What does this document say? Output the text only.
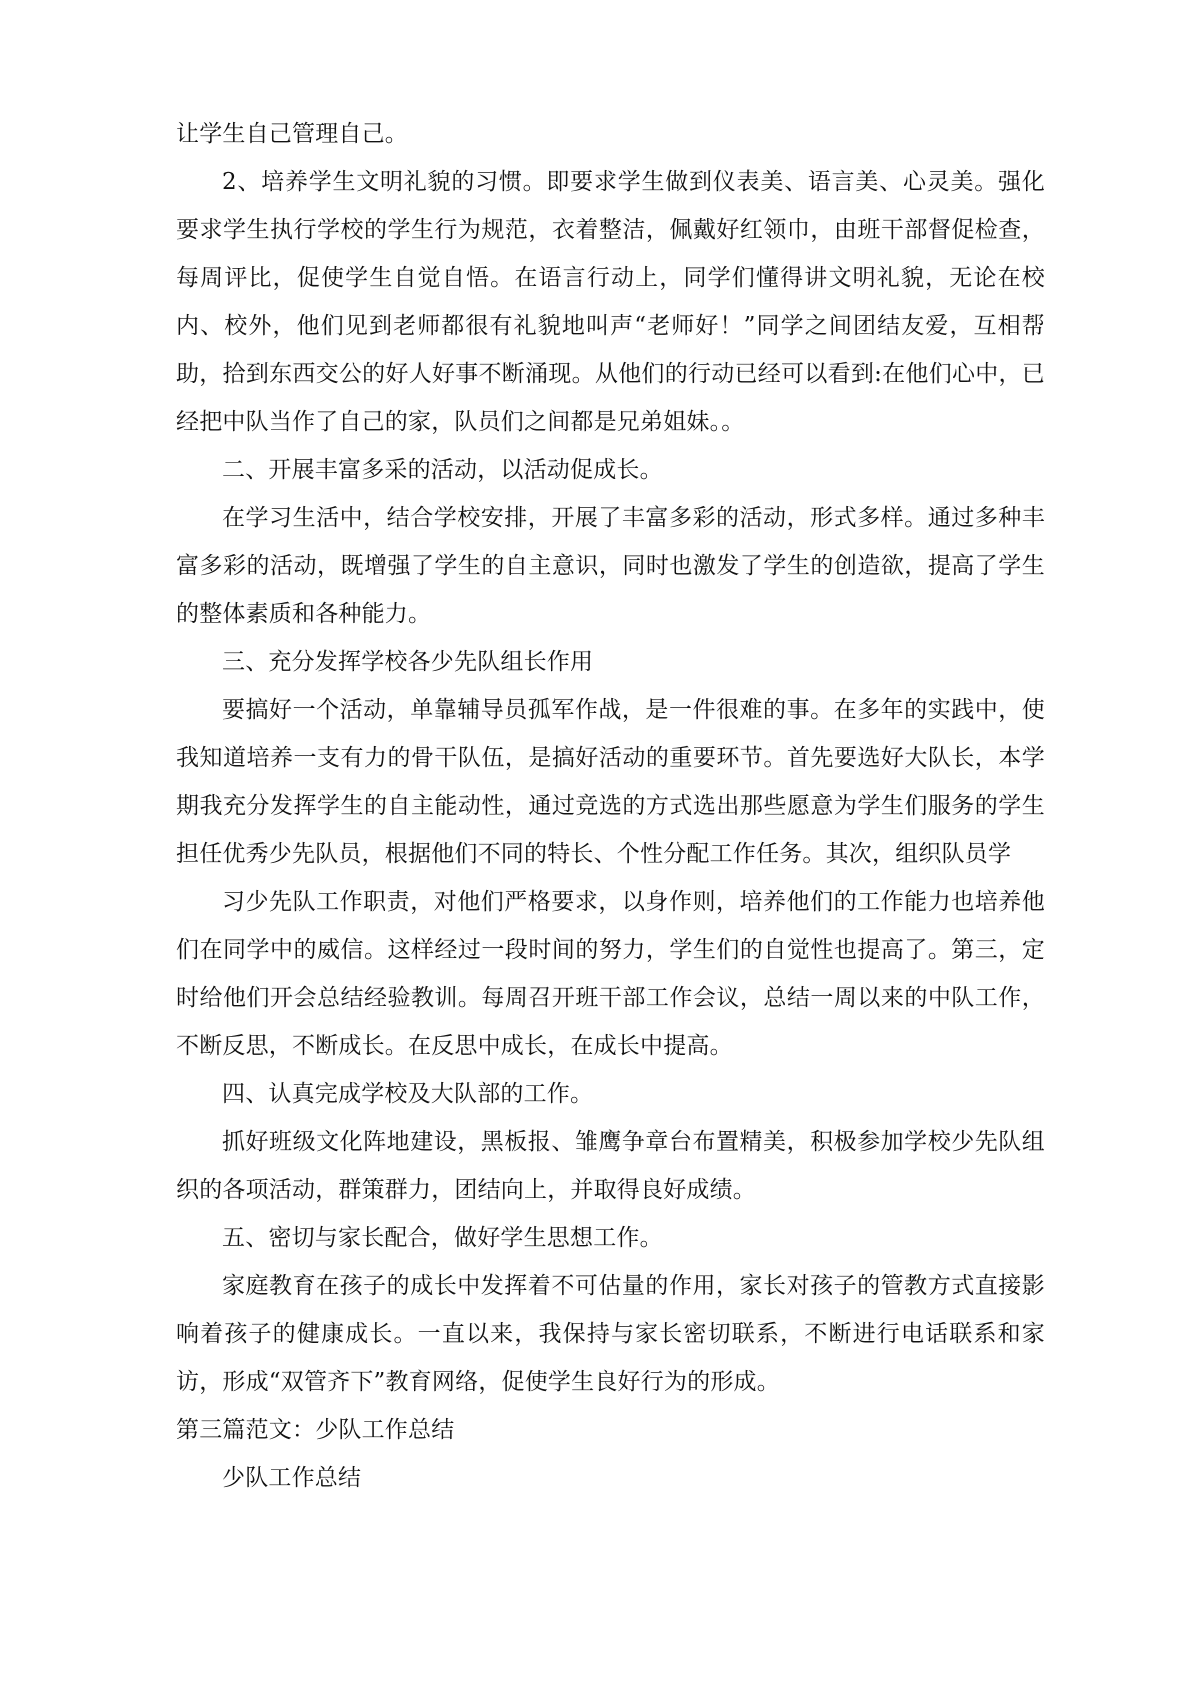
让学生自己管理自己。

2、培养学生文明礼貌的习惯。即要求学生做到仪表美、语言美、心灵美。强化要求学生执行学校的学生行为规范，衣着整洁，佩戴好红领巾，由班干部督促检查，每周评比，促使学生自觉自悟。在语言行动上，同学们懂得讲文明礼貌，无论在校内、校外，他们见到老师都很有礼貌地叫声“老师好！”同学之间团结友爱，互相帮助，拾到东西交公的好人好事不断涌现。从他们的行动已经可以看到:在他们心中，已经把中队当作了自己的家，队员们之间都是兄弟姐妹。。

二、开展丰富多采的活动，以活动促成长。

在学习生活中，结合学校安排，开展了丰富多彩的活动，形式多样。通过多种丰富多彩的活动，既增强了学生的自主意识，同时也激发了学生的创造欲，提高了学生的整体素质和各种能力。

三、充分发挥学校各少先队组长作用

要搞好一个活动，单靠辅导员孤军作战，是一件很难的事。在多年的实践中，使我知道培养一支有力的骨干队伍，是搞好活动的重要环节。首先要选好大队长，本学期我充分发挥学生的自主能动性，通过竞选的方式选出那些愿意为学生们服务的学生担任优秀少先队员，根据他们不同的特长、个性分配工作任务。其次，组织队员学

习少先队工作职责，对他们严格要求，以身作则，培养他们的工作能力也培养他们在同学中的威信。这样经过一段时间的努力，学生们的自觉性也提高了。第三，定时给他们开会总结经验教训。每周召开班干部工作会议，总结一周以来的中队工作，不断反思，不断成长。在反思中成长，在成长中提高。

四、认真完成学校及大队部的工作。

抓好班级文化阵地建设，黑板报、雏鹰争章台布置精美，积极参加学校少先队组织的各项活动，群策群力，团结向上，并取得良好成绩。

五、密切与家长配合，做好学生思想工作。

家庭教育在孩子的成长中发挥着不可估量的作用，家长对孩子的管教方式直接影响着孩子的健康成长。一直以来，我保持与家长密切联系，不断进行电话联系和家访，形成“双管齐下”教育网络，促使学生良好行为的形成。

第三篇范文：少队工作总结

少队工作总结
